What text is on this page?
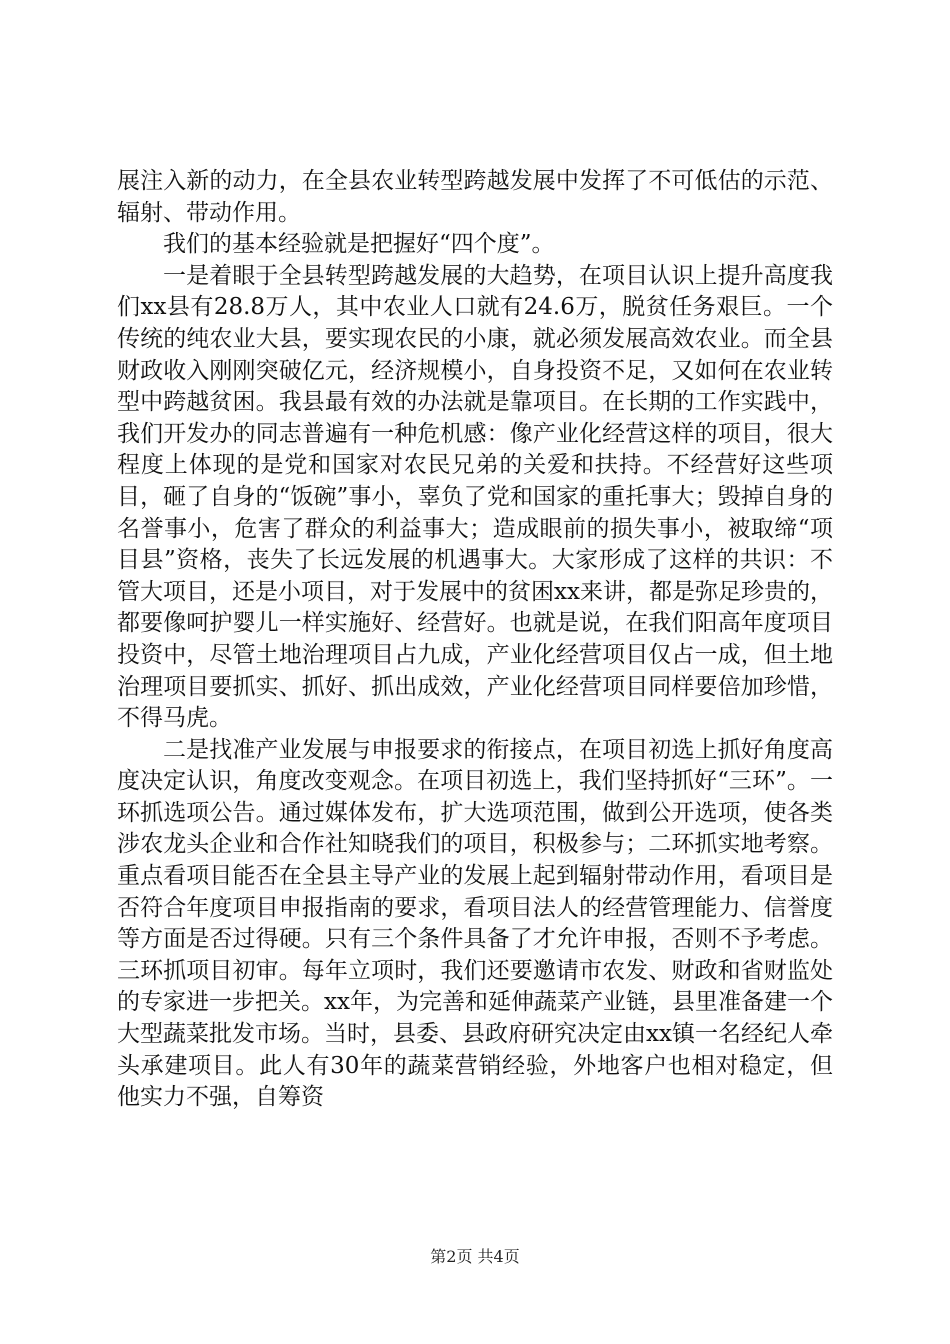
展注入新的动力，在全县农业转型跨越发展中发挥了不可低估的示范、辐射、带动作用。

我们的基本经验就是把握好“四个度”。

一是着眼于全县转型跨越发展的大趋势，在项目认识上提升高度我们xx县有28.8万人，其中农业人口就有24.6万，脱贫任务艰巨。一个传统的纯农业大县，要实现农民的小康，就必须发展高效农业。而全县财政收入刚刚突破亿元，经济规模小，自身投资不足，又如何在农业转型中跨越贫困。我县最有效的办法就是靠项目。在长期的工作实践中，我们开发办的同志普遍有一种危机感：像产业化经营这样的项目，很大程度上体现的是党和国家对农民兄弟的关爱和扶持。不经营好这些项目，砸了自身的“饭碗”事小，辜负了党和国家的重托事大；毁掉自身的名誉事小，危害了群众的利益事大；造成眼前的损失事小，被取缔“项目县”资格，丧失了长远发展的机遇事大。大家形成了这样的共识：不管大项目，还是小项目，对于发展中的贫困xx来讲，都是弥足珍贵的，都要像呵护婴儿一样实施好、经营好。也就是说，在我们阳高年度项目投资中，尽管土地治理项目占九成，产业化经营项目仅占一成，但土地治理项目要抓实、抓好、抓出成效，产业化经营项目同样要倍加珍惜，不得马虎。

二是找准产业发展与申报要求的衔接点，在项目初选上抓好角度高度决定认识，角度改变观念。在项目初选上，我们坚持抓好“三环”。一环抓选项公告。通过媒体发布，扩大选项范围，做到公开选项，使各类涉农龙头企业和合作社知晓我们的项目，积极参与；二环抓实地考察。重点看项目能否在全县主导产业的发展上起到辐射带动作用，看项目是否符合年度项目申报指南的要求，看项目法人的经营管理能力、信誉度等方面是否过得硬。只有三个条件具备了才允许申报，否则不予考虑。三环抓项目初审。每年立项时，我们还要邀请市农发、财政和省财监处的专家进一步把关。xx年，为完善和延伸蔬菜产业链，县里准备建一个大型蔬菜批发市场。当时，县委、县政府研究决定由xx镇一名经纪人牵头承建项目。此人有30年的蔬菜营销经验，外地客户也相对稳定，但他实力不强，自筹资

第2页 共4页
